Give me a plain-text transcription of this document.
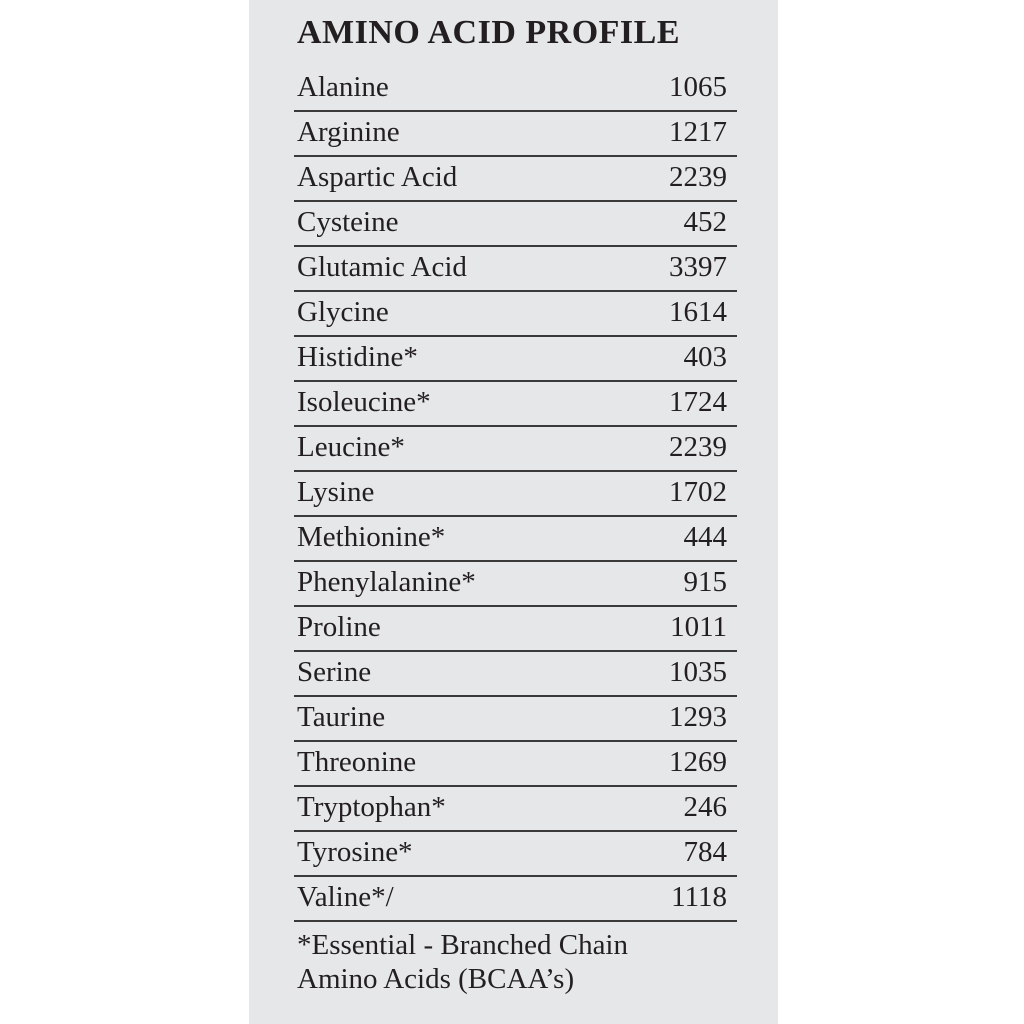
AMINO ACID PROFILE
Alanine	1065
Arginine	1217
Aspartic Acid	2239
Cysteine	452
Glutamic Acid	3397
Glycine	1614
Histidine*	403
Isoleucine*	1724
Leucine*	2239
Lysine	1702
Methionine*	444
Phenylalanine*	915
Proline	1011
Serine	1035
Taurine	1293
Threonine	1269
Tryptophan*	246
Tyrosine*	784
Valine*/	1118
*Essential - Branched Chain
Amino Acids (BCAA’s)
